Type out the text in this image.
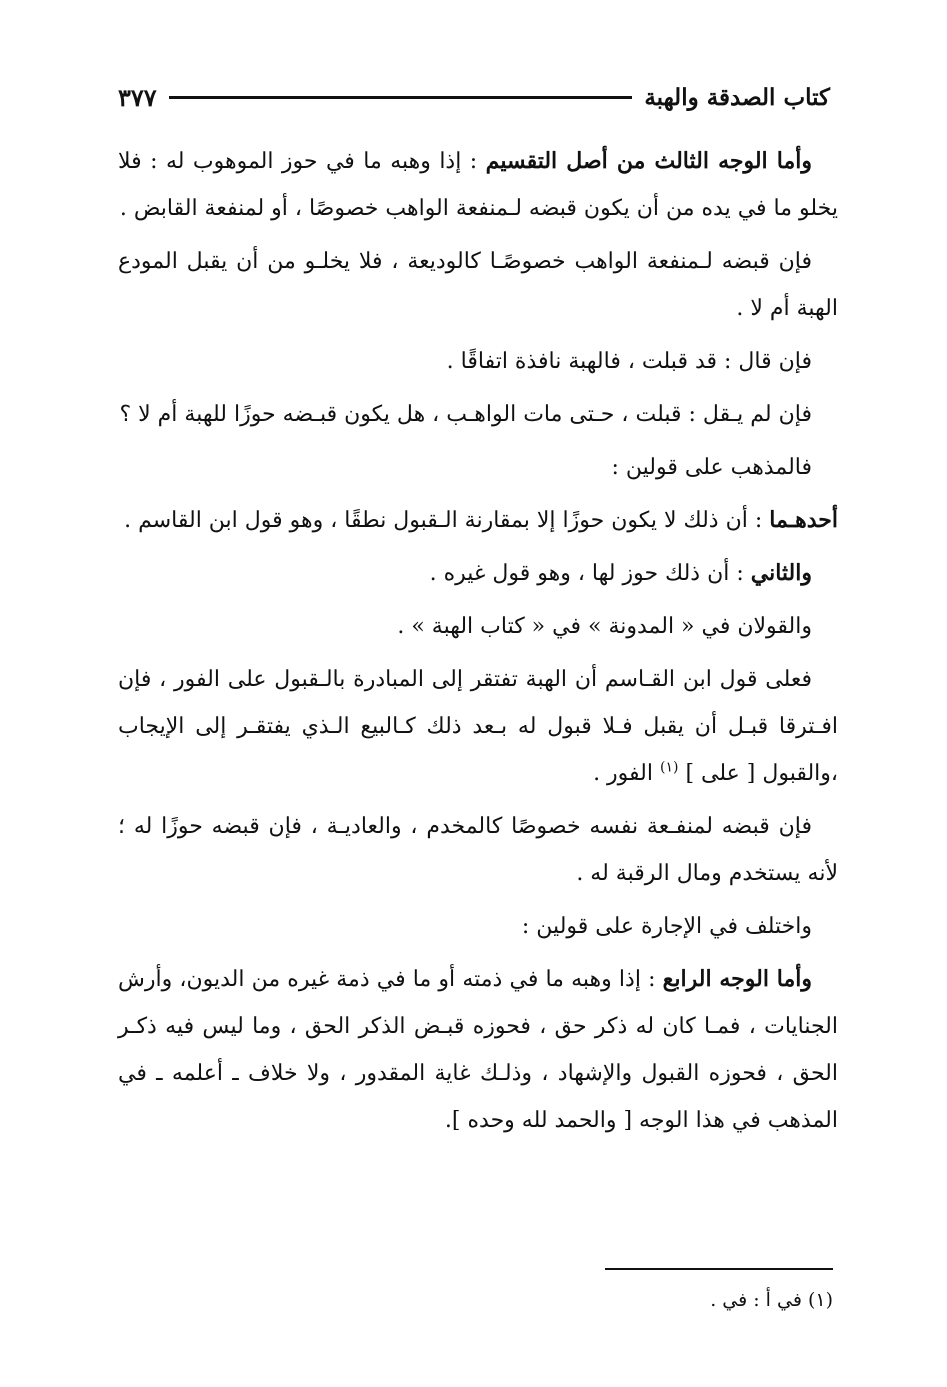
كتاب الصدقة والهبة
٣٧٧

وأما الوجه الثالث من أصل التقسيم : إذا وهبه ما في حوز الموهوب له : فلا يخلو ما في يده من أن يكون قبضه لـمنفعة الواهب خصوصًا ، أو لمنفعة القابض .

فإن قبضه لـمنفعة الواهب خصوصًـا كالوديعة ، فلا يخلـو من أن يقبل المودع الهبة أم لا .

فإن قال : قد قبلت ، فالهبة نافذة اتفاقًا .

فإن لم يـقل : قبلت ، حـتى مات الواهـب ، هل يكون قبـضه حوزًا للهبة أم لا ؟

فالمذهب على قولين :

أحدهـما : أن ذلك لا يكون حوزًا إلا بمقارنة الـقبول نطقًا ، وهو قول ابن القاسم .

والثاني : أن ذلك حوز لها ، وهو قول غيره .

والقولان في « المدونة » في « كتاب الهبة » .

فعلى قول ابن القـاسم أن الهبة تفتقر إلى المبادرة بالـقبول على الفور ، فإن افـترقا قبـل أن يقبل فـلا قبول له بـعد ذلك كـالبيع الـذي يفتقـر إلى الإيجاب ،والقبول [ على ] $^{(١)}$ الفور .

فإن قبضه لمنفـعة نفسه خصوصًا كالمخدم ، والعاديـة ، فإن قبضه حوزًا له ؛ لأنه يستخدم ومال الرقبة له .

واختلف في الإجارة على قولين :

وأما الوجه الرابع : إذا وهبه ما في ذمته أو ما في ذمة غيره من الديون، وأرش الجنايات ، فمـا كان له ذكر حق ، فحوزه قبـض الذكر الحق ، وما ليس فيه ذكـر الحق ، فحوزه القبول والإشهاد ، وذلـك غاية المقدور ، ولا خلاف ـ أعلمه ـ في المذهب في هذا الوجه [ والحمد لله وحده ].

(١) في أ : في .
